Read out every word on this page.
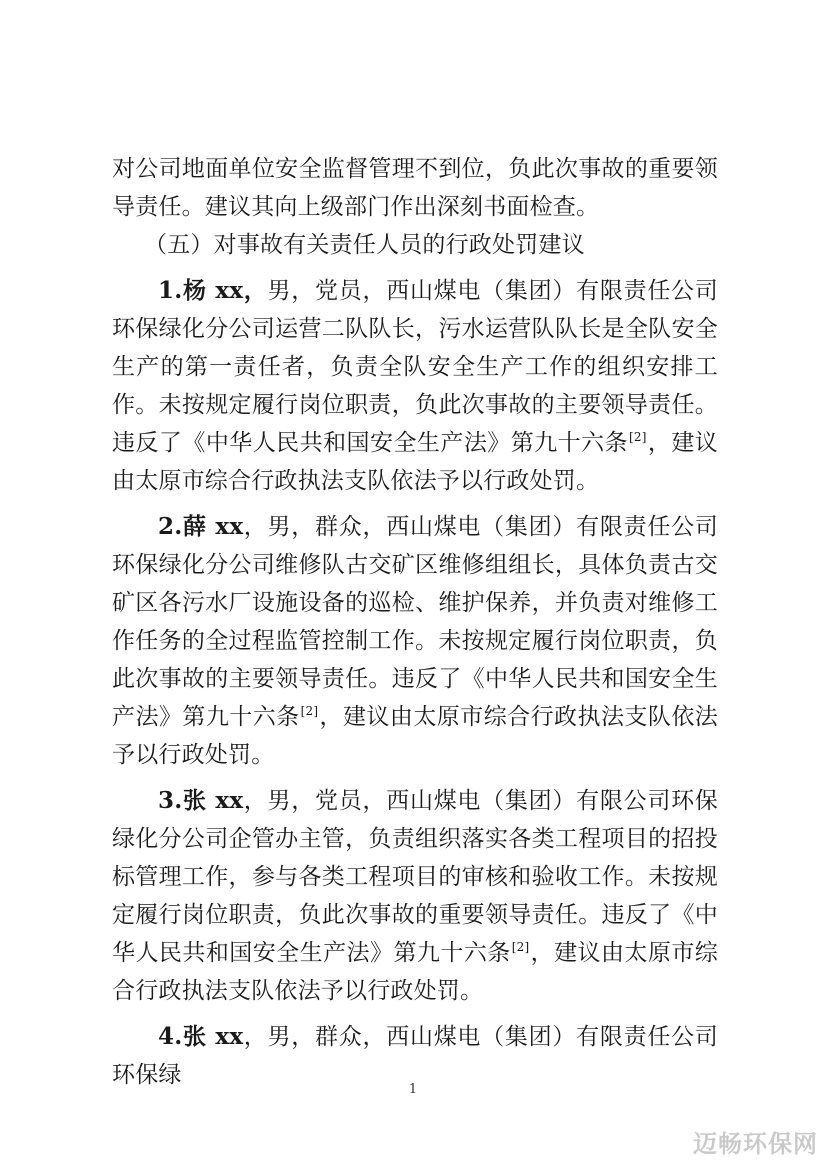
对公司地面单位安全监督管理不到位，负此次事故的重要领导责任。建议其向上级部门作出深刻书面检查。

（五）对事故有关责任人员的行政处罚建议

1.杨 xx，男，党员，西山煤电（集团）有限责任公司环保绿化分公司运营二队队长，污水运营队队长是全队安全生产的第一责任者，负责全队安全生产工作的组织安排工作。未按规定履行岗位职责，负此次事故的主要领导责任。违反了《中华人民共和国安全生产法》第九十六条[2]，建议由太原市综合行政执法支队依法予以行政处罚。

2.薛 xx，男，群众，西山煤电（集团）有限责任公司环保绿化分公司维修队古交矿区维修组组长，具体负责古交矿区各污水厂设施设备的巡检、维护保养，并负责对维修工作任务的全过程监管控制工作。未按规定履行岗位职责，负此次事故的主要领导责任。违反了《中华人民共和国安全生产法》第九十六条[2]，建议由太原市综合行政执法支队依法予以行政处罚。

3.张 xx，男，党员，西山煤电（集团）有限公司环保绿化分公司企管办主管，负责组织落实各类工程项目的招投标管理工作，参与各类工程项目的审核和验收工作。未按规定履行岗位职责，负此次事故的重要领导责任。违反了《中华人民共和国安全生产法》第九十六条[2]，建议由太原市综合行政执法支队依法予以行政处罚。

4.张 xx，男，群众，西山煤电（集团）有限责任公司环保绿

1
迈畅环保网
